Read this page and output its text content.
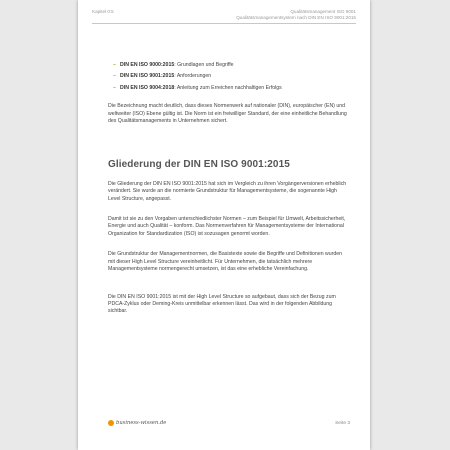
Kapitel 0:5	Qualitätsmanagement ISO 9001
Qualitätsmanagementsystem nach DIN EN ISO 9001:2015
– DIN EN ISO 9000:2015: Grundlagen und Begriffe
– DIN EN ISO 9001:2015: Anforderungen
– DIN EN ISO 9004:2018: Anleitung zum Erreichen nachhaltigen Erfolgs

Die Bezeichnung macht deutlich, dass dieses Normenwerk auf nationaler (DIN), europäischer (EN) und weltweiter (ISO) Ebene gültig ist. Die Norm ist ein freiwilliger Standard, der eine einheitliche Behandlung des Qualitätsmanagements in Unternehmen sichert.

Gliederung der DIN EN ISO 9001:2015

Die Gliederung der DIN EN ISO 9001:2015 hat sich im Vergleich zu ihren Vorgängerversionen erheblich verändert. Sie wurde an die normierte Grundstruktur für Managementsysteme, die sogenannte High Level Structure, angepasst.

Damit ist sie zu den Vorgaben unterschiedlichster Normen – zum Beispiel für Umwelt, Arbeitssicherheit, Energie und auch Qualität – konform. Das Normenverfahren für Managementsysteme der International Organization for Standardization (ISO) ist sozusagen genormt worden.

Die Grundstruktur der Managementnormen, die Basistexte sowie die Begriffe und Definitionen wurden mit dieser High Level Structure vereinheitlicht. Für Unternehmen, die tatsächlich mehrere Managementsysteme normengerecht umsetzen, ist das eine erhebliche Vereinfachung.

Die DIN EN ISO 9001:2015 ist mit der High Level Structure so aufgebaut, dass sich der Bezug zum PDCA-Zyklus oder Deming-Kreis unmittelbar erkennen lässt. Das wird in der folgenden Abbildung sichtbar.

business-wissen.de	Seite 3
